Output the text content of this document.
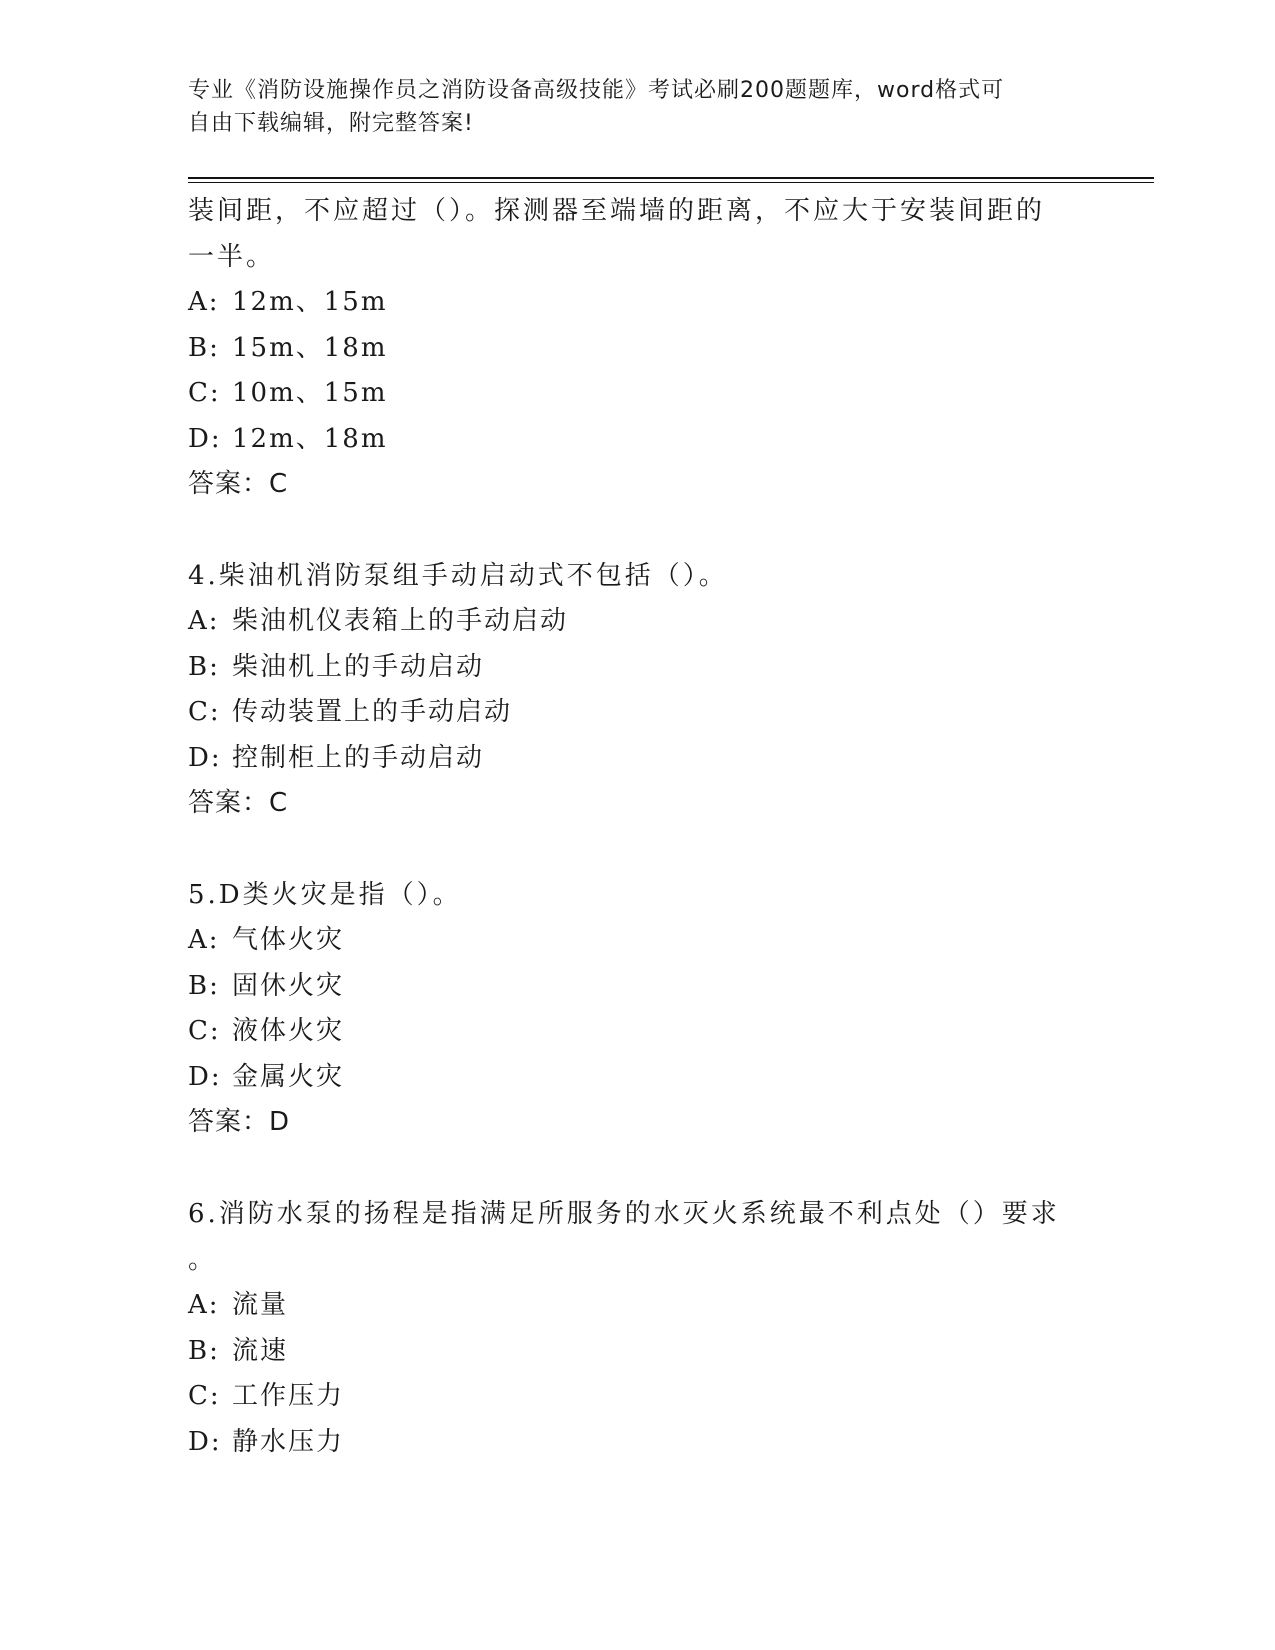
专业《消防设施操作员之消防设备高级技能》考试必刷200题题库，word格式可
自由下载编辑，附完整答案!

装间距，不应超过（）。探测器至端墙的距离，不应大于安装间距的

一半。

A: 12m、15m

B: 15m、18m

C: 10m、15m

D: 12m、18m

答案：C

4.柴油机消防泵组手动启动式不包括（）。

A: 柴油机仪表箱上的手动启动

B: 柴油机上的手动启动

C: 传动装置上的手动启动

D: 控制柜上的手动启动

答案：C

5.D类火灾是指（）。

A: 气体火灾

B: 固休火灾

C: 液体火灾

D: 金属火灾

答案：D

6.消防水泵的扬程是指满足所服务的水灭火系统最不利点处（）要求

。

A: 流量

B: 流速

C: 工作压力

D: 静水压力
